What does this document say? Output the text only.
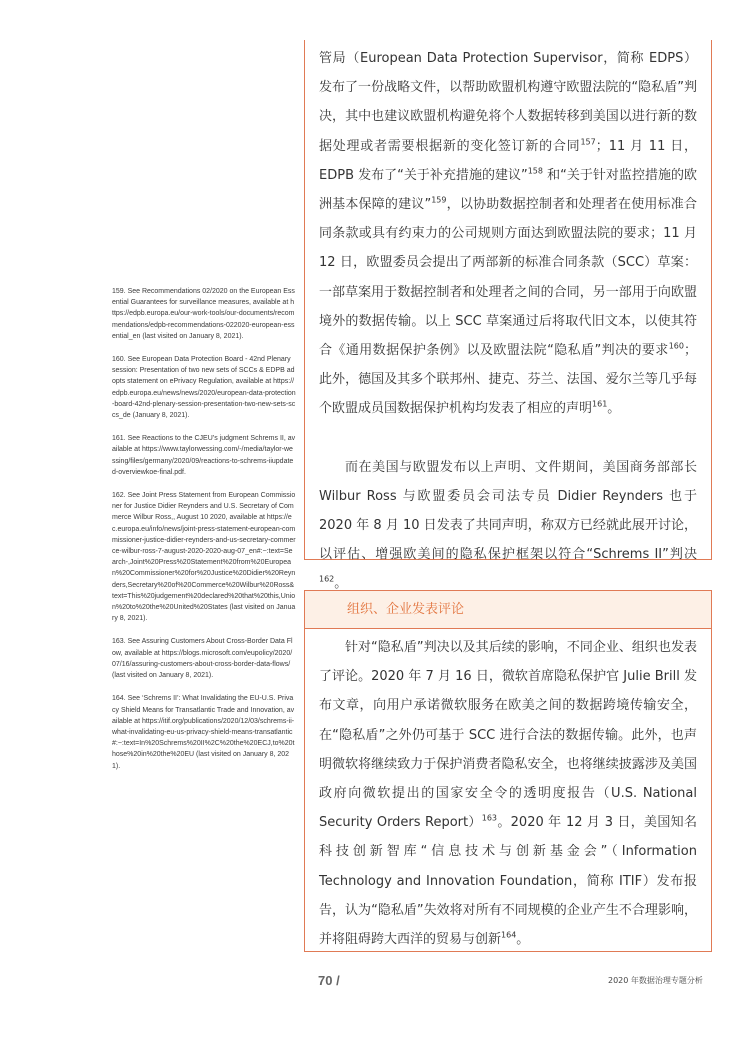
159. See Recommendations 02/2020 on the European Essential Guarantees for surveillance measures, available at https://edpb.europa.eu/our-work-tools/our-documents/recommendations/edpb-recommendations-022020-european-essential_en (last visited on January 8, 2021).

160. See European Data Protection Board - 42nd Plenary session: Presentation of two new sets of SCCs & EDPB adopts statement on ePrivacy Regulation, available at https://edpb.europa.eu/news/news/2020/european-data-protection-board-42nd-plenary-session-presentation-two-new-sets-sccs_de (January 8, 2021).

161. See Reactions to the CJEU’s judgment Schrems II, available at https://www.taylorwessing.com/-/media/taylor-wessing/files/germany/2020/09/reactions-to-schrems-iiupdated-overviewkoe-final.pdf.

162. See Joint Press Statement from European Commissioner for Justice Didier Reynders and U.S. Secretary of Commerce Wilbur Ross,, August 10 2020, available at https://ec.europa.eu/info/news/joint-press-statement-european-commissioner-justice-didier-reynders-and-us-secretary-commerce-wilbur-ross-7-august-2020-2020-aug-07_en#:~:text=Search-,Joint%20Press%20Statement%20from%20European%20Commissioner%20for%20Justice%20Didier%20Reynders,Secretary%20of%20Commerce%20Wilbur%20Ross&text=This%20judgement%20declared%20that%20this,Union%20to%20the%20United%20States (last visited on January 8, 2021).

163. See Assuring Customers About Cross-Border Data Flow, available at https://blogs.microsoft.com/eupolicy/2020/07/16/assuring-customers-about-cross-border-data-flows/ (last visited on January 8, 2021).

164. See ‘Schrems II’: What Invalidating the EU-U.S. Privacy Shield Means for Transatlantic Trade and Innovation, available at https://itif.org/publications/2020/12/03/schrems-ii-what-invalidating-eu-us-privacy-shield-means-transatlantic#:~:text=In%20Schrems%20II%2C%20the%20ECJ,to%20those%20in%20the%20EU (last visited on January 8, 2021).

管局（European Data Protection Supervisor，简称 EDPS）发布了一份战略文件，以帮助欧盟机构遵守欧盟法院的“隐私盾”判决，其中也建议欧盟机构避免将个人数据转移到美国以进行新的数据处理或者需要根据新的变化签订新的合同$^{157}$；11 月 11 日，EDPB 发布了“关于补充措施的建议”$^{158}$ 和“关于针对监控措施的欧洲基本保障的建议”$^{159}$，以协助数据控制者和处理者在使用标准合同条款或具有约束力的公司规则方面达到欧盟法院的要求；11 月 12 日，欧盟委员会提出了两部新的标准合同条款（SCC）草案：一部草案用于数据控制者和处理者之间的合同，另一部用于向欧盟境外的数据传输。以上 SCC 草案通过后将取代旧文本，以使其符合《通用数据保护条例》以及欧盟法院“隐私盾”判决的要求$^{160}$；此外，德国及其多个联邦州、捷克、芬兰、法国、爱尔兰等几乎每个欧盟成员国数据保护机构均发表了相应的声明$^{161}$。

而在美国与欧盟发布以上声明、文件期间，美国商务部部长 Wilbur Ross 与欧盟委员会司法专员 Didier Reynders 也于 2020 年 8 月 10 日发表了共同声明，称双方已经就此展开讨论，以评估、增强欧美间的隐私保护框架以符合“Schrems II”判决$^{162}$。

组织、企业发表评论

针对“隐私盾”判决以及其后续的影响，不同企业、组织也发表了评论。2020 年 7 月 16 日，微软首席隐私保护官 Julie Brill 发布文章，向用户承诺微软服务在欧美之间的数据跨境传输安全，在“隐私盾”之外仍可基于 SCC 进行合法的数据传输。此外，也声明微软将继续致力于保护消费者隐私安全，也将继续披露涉及美国政府向微软提出的国家安全令的透明度报告（U.S. National Security Orders Report）$^{163}$。2020 年 12 月 3 日，美国知名科技创新智库“信息技术与创新基金会”（Information Technology and Innovation Foundation，简称 ITIF）发布报告，认为“隐私盾”失效将对所有不同规模的企业产生不合理影响，并将阻碍跨大西洋的贸易与创新$^{164}$。

70 /	2020 年数据治理专题分析
